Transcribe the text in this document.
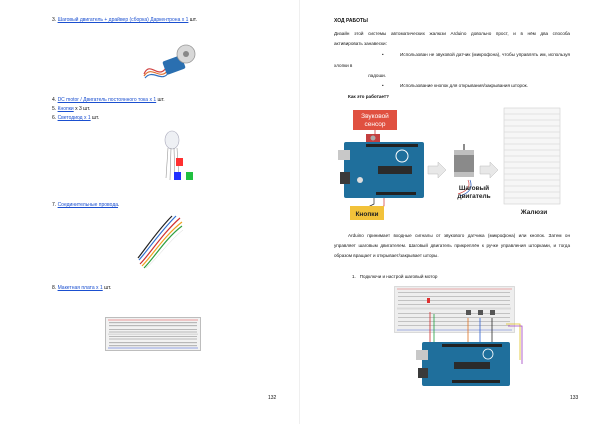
3. Шаговый двигатель + драйвер (сборка) Даркентрона x 1 шт.
4. DC motor / Двигатель постоянного тока x 1 шт.
5. Кнопки x 3 шт.
6. Светодиод x 1 шт.
7. Соединительные провода.
8. Макетная плата x 1 шт.
132
ХОД РАБОТЫ
Дизайн этой системы автоматических жалюзи Arduino довольно прост, и в нём два способа
активировать занавески:
•	Использован не звуковой датчик (микрофона), чтобы управлять им, используя
хлопки в
ладоши.
•	Использование кнопок для открывания/закрывания шторок.
Как это работает?
Звуковой
сенсор
Кнопки
Шаговый
двигатель
Жалюзи
Arduino принимает входные сигналы от звукового датчика (микрофона) или кнопок. Затем он
управляет шаговым двигателем. Шаговый двигатель прикреплён к ручке управления шторками, и тогда
образом вращает и открывает/закрывает шторы.
1. Подключи и настрой шаговый мотор
133
